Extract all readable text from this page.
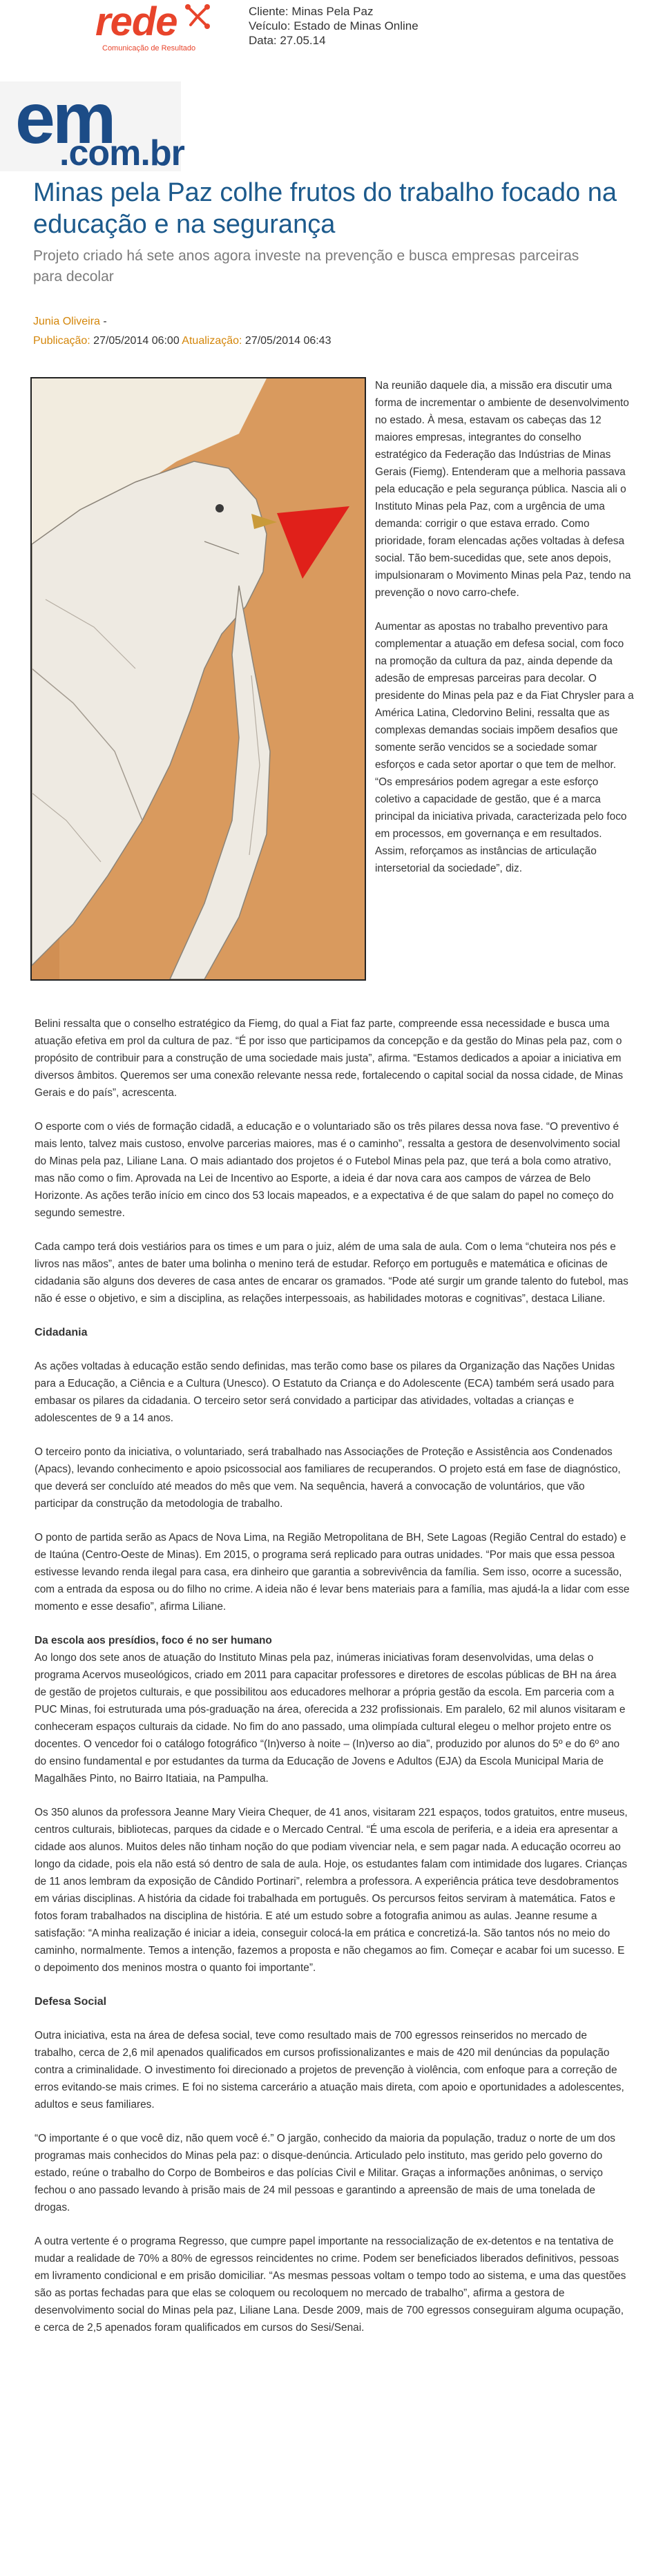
rede
Comunicação de Resultado
Cliente: Minas Pela Paz
Veículo: Estado de Minas Online
Data: 27.05.14
em
.com.br
Minas pela Paz colhe frutos do trabalho focado na educação e na segurança

Projeto criado há sete anos agora investe na prevenção e busca empresas parceiras para decolar

Junia Oliveira -
Publicação: 27/05/2014 06:00 Atualização: 27/05/2014 06:43

Na reunião daquele dia, a missão era discutir uma forma de incrementar o ambiente de desenvolvimento no estado. À mesa, estavam os cabeças das 12 maiores empresas, integrantes do conselho estratégico da Federação das Indústrias de Minas Gerais (Fiemg). Entenderam que a melhoria passava pela educação e pela segurança pública. Nascia ali o Instituto Minas pela Paz, com a urgência de uma demanda: corrigir o que estava errado. Como prioridade, foram elencadas ações voltadas à defesa social. Tão bem-sucedidas que, sete anos depois, impulsionaram o Movimento Minas pela Paz, tendo na prevenção o novo carro-chefe.

Aumentar as apostas no trabalho preventivo para complementar a atuação em defesa social, com foco na promoção da cultura da paz, ainda depende da adesão de empresas parceiras para decolar. O presidente do Minas pela paz e da Fiat Chrysler para a América Latina, Cledorvino Belini, ressalta que as complexas demandas sociais impõem desafios que somente serão vencidos se a sociedade somar esforços e cada setor aportar o que tem de melhor. “Os empresários podem agregar a este esforço coletivo a capacidade de gestão, que é a marca principal da iniciativa privada, caracterizada pelo foco em processos, em governança e em resultados. Assim, reforçamos as instâncias de articulação intersetorial da sociedade”, diz.

Belini ressalta que o conselho estratégico da Fiemg, do qual a Fiat faz parte, compreende essa necessidade e busca uma atuação efetiva em prol da cultura de paz. “É por isso que participamos da concepção e da gestão do Minas pela paz, com o propósito de contribuir para a construção de uma sociedade mais justa”, afirma. “Estamos dedicados a apoiar a iniciativa em diversos âmbitos. Queremos ser uma conexão relevante nessa rede, fortalecendo o capital social da nossa cidade, de Minas Gerais e do país”, acrescenta.

O esporte com o viés de formação cidadã, a educação e o voluntariado são os três pilares dessa nova fase. “O preventivo é mais lento, talvez mais custoso, envolve parcerias maiores, mas é o caminho”, ressalta a gestora de desenvolvimento social do Minas pela paz, Liliane Lana. O mais adiantado dos projetos é o Futebol Minas pela paz, que terá a bola como atrativo, mas não como o fim. Aprovada na Lei de Incentivo ao Esporte, a ideia é dar nova cara aos campos de várzea de Belo Horizonte. As ações terão início em cinco dos 53 locais mapeados, e a expectativa é de que salam do papel no começo do segundo semestre.

Cada campo terá dois vestiários para os times e um para o juiz, além de uma sala de aula. Com o lema “chuteira nos pés e livros nas mãos”, antes de bater uma bolinha o menino terá de estudar. Reforço em português e matemática e oficinas de cidadania são alguns dos deveres de casa antes de encarar os gramados. “Pode até surgir um grande talento do futebol, mas não é esse o objetivo, e sim a disciplina, as relações interpessoais, as habilidades motoras e cognitivas”, destaca Liliane.

Cidadania

As ações voltadas à educação estão sendo definidas, mas terão como base os pilares da Organização das Nações Unidas para a Educação, a Ciência e a Cultura (Unesco). O Estatuto da Criança e do Adolescente (ECA) também será usado para embasar os pilares da cidadania. O terceiro setor será convidado a participar das atividades, voltadas a crianças e adolescentes de 9 a 14 anos.

O terceiro ponto da iniciativa, o voluntariado, será trabalhado nas Associações de Proteção e Assistência aos Condenados (Apacs), levando conhecimento e apoio psicossocial aos familiares de recuperandos. O projeto está em fase de diagnóstico, que deverá ser concluído até meados do mês que vem. Na sequência, haverá a convocação de voluntários, que vão participar da construção da metodologia de trabalho.

O ponto de partida serão as Apacs de Nova Lima, na Região Metropolitana de BH, Sete Lagoas (Região Central do estado) e de Itaúna (Centro-Oeste de Minas). Em 2015, o programa será replicado para outras unidades. “Por mais que essa pessoa estivesse levando renda ilegal para casa, era dinheiro que garantia a sobrevivência da família. Sem isso, ocorre a sucessão, com a entrada da esposa ou do filho no crime. A ideia não é levar bens materiais para a família, mas ajudá-la a lidar com esse momento e esse desafio”, afirma Liliane.

Da escola aos presídios, foco é no ser humano

Ao longo dos sete anos de atuação do Instituto Minas pela paz, inúmeras iniciativas foram desenvolvidas, uma delas o programa Acervos museológicos, criado em 2011 para capacitar professores e diretores de escolas públicas de BH na área de gestão de projetos culturais, e que possibilitou aos educadores melhorar a própria gestão da escola. Em parceria com a PUC Minas, foi estruturada uma pós-graduação na área, oferecida a 232 profissionais. Em paralelo, 62 mil alunos visitaram e conheceram espaços culturais da cidade. No fim do ano passado, uma olimpíada cultural elegeu o melhor projeto entre os docentes. O vencedor foi o catálogo fotográfico “(In)verso à noite – (In)verso ao dia”, produzido por alunos do 5º e do 6º ano do ensino fundamental e por estudantes da turma da Educação de Jovens e Adultos (EJA) da Escola Municipal Maria de Magalhães Pinto, no Bairro Itatiaia, na Pampulha.

Os 350 alunos da professora Jeanne Mary Vieira Chequer, de 41 anos, visitaram 221 espaços, todos gratuitos, entre museus, centros culturais, bibliotecas, parques da cidade e o Mercado Central. “É uma escola de periferia, e a ideia era apresentar a cidade aos alunos. Muitos deles não tinham noção do que podiam vivenciar nela, e sem pagar nada. A educação ocorreu ao longo da cidade, pois ela não está só dentro de sala de aula. Hoje, os estudantes falam com intimidade dos lugares. Crianças de 11 anos lembram da exposição de Cândido Portinari”, relembra a professora. A experiência prática teve desdobramentos em várias disciplinas. A história da cidade foi trabalhada em português. Os percursos feitos serviram à matemática. Fatos e fotos foram trabalhados na disciplina de história. E até um estudo sobre a fotografia animou as aulas. Jeanne resume a satisfação: “A minha realização é iniciar a ideia, conseguir colocá-la em prática e concretizá-la. São tantos nós no meio do caminho, normalmente. Temos a intenção, fazemos a proposta e não chegamos ao fim. Começar e acabar foi um sucesso. E o depoimento dos meninos mostra o quanto foi importante”.

Defesa Social

Outra iniciativa, esta na área de defesa social, teve como resultado mais de 700 egressos reinseridos no mercado de trabalho, cerca de 2,6 mil apenados qualificados em cursos profissionalizantes e mais de 420 mil denúncias da população contra a criminalidade. O investimento foi direcionado a projetos de prevenção à violência, com enfoque para a correção de erros evitando-se mais crimes. E foi no sistema carcerário a atuação mais direta, com apoio e oportunidades a adolescentes, adultos e seus familiares.

“O importante é o que você diz, não quem você é.” O jargão, conhecido da maioria da população, traduz o norte de um dos programas mais conhecidos do Minas pela paz: o disque-denúncia. Articulado pelo instituto, mas gerido pelo governo do estado, reúne o trabalho do Corpo de Bombeiros e das polícias Civil e Militar. Graças a informações anônimas, o serviço fechou o ano passado levando à prisão mais de 24 mil pessoas e garantindo a apreensão de mais de uma tonelada de drogas.

A outra vertente é o programa Regresso, que cumpre papel importante na ressocialização de ex-detentos e na tentativa de mudar a realidade de 70% a 80% de egressos reincidentes no crime. Podem ser beneficiados liberados definitivos, pessoas em livramento condicional e em prisão domiciliar. “As mesmas pessoas voltam o tempo todo ao sistema, e uma das questões são as portas fechadas para que elas se coloquem ou recoloquem no mercado de trabalho”, afirma a gestora de desenvolvimento social do Minas pela paz, Liliane Lana. Desde 2009, mais de 700 egressos conseguiram alguma ocupação, e cerca de 2,5 apenados foram qualificados em cursos do Sesi/Senai.
